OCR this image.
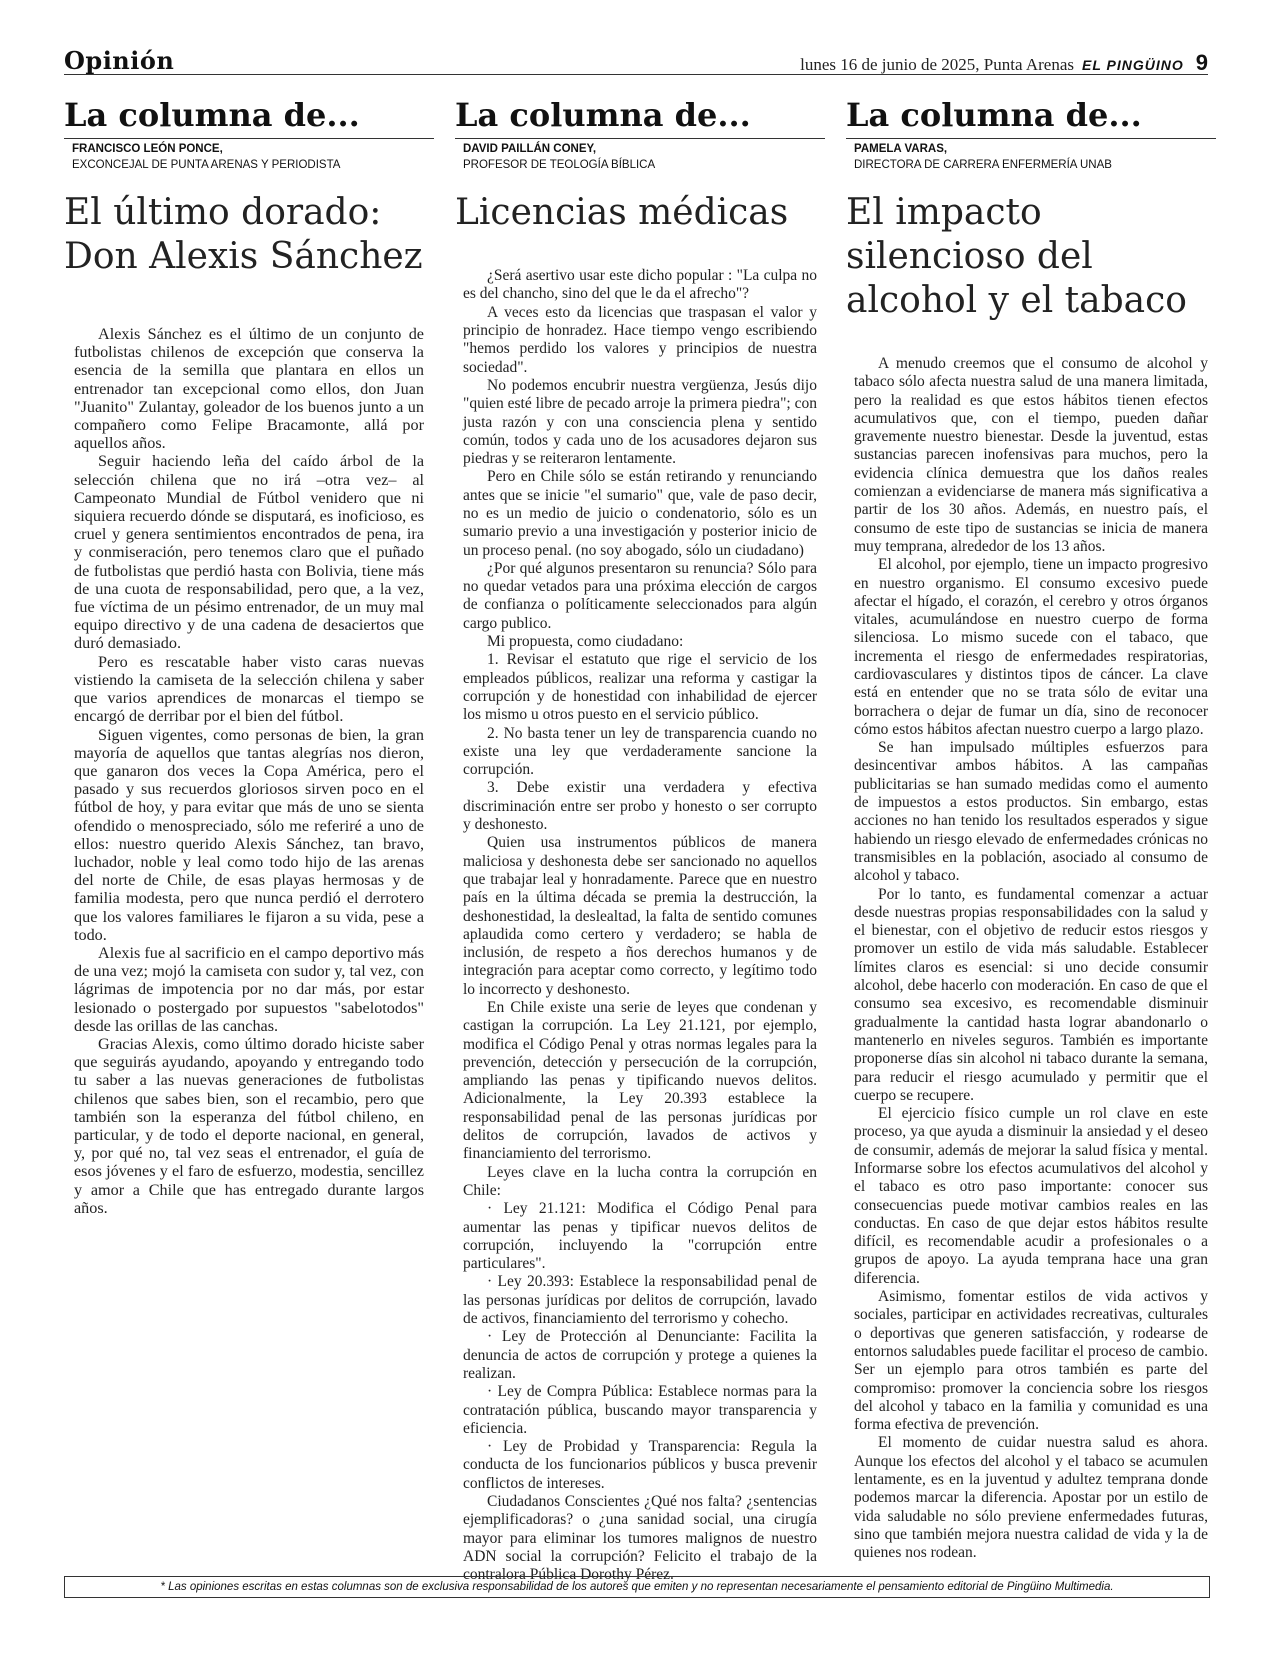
Opinión	lunes 16 de junio de 2025, Punta Arenas EL PINGÜINO 9
La columna de...
FRANCISCO LEÓN PONCE,
EXCONCEJAL DE PUNTA ARENAS Y PERIODISTA
El último dorado: Don Alexis Sánchez

Alexis Sánchez es el último de un conjunto de futbolistas chilenos de excepción que conserva la esencia de la semilla que plantara en ellos un entrenador tan excepcional como ellos, don Juan "Juanito" Zulantay, goleador de los buenos junto a un compañero como Felipe Bracamonte, allá por aquellos años.

Seguir haciendo leña del caído árbol de la selección chilena que no irá –otra vez– al Campeonato Mundial de Fútbol venidero que ni siquiera recuerdo dónde se disputará, es inoficioso, es cruel y genera sentimientos encontrados de pena, ira y conmiseración, pero tenemos claro que el puñado de futbolistas que perdió hasta con Bolivia, tiene más de una cuota de responsabilidad, pero que, a la vez, fue víctima de un pésimo entrenador, de un muy mal equipo directivo y de una cadena de desaciertos que duró demasiado.

Pero es rescatable haber visto caras nuevas vistiendo la camiseta de la selección chilena y saber que varios aprendices de monarcas el tiempo se encargó de derribar por el bien del fútbol.

Siguen vigentes, como personas de bien, la gran mayoría de aquellos que tantas alegrías nos dieron, que ganaron dos veces la Copa América, pero el pasado y sus recuerdos gloriosos sirven poco en el fútbol de hoy, y para evitar que más de uno se sienta ofendido o menospreciado, sólo me referiré a uno de ellos: nuestro querido Alexis Sánchez, tan bravo, luchador, noble y leal como todo hijo de las arenas del norte de Chile, de esas playas hermosas y de familia modesta, pero que nunca perdió el derrotero que los valores familiares le fijaron a su vida, pese a todo.

Alexis fue al sacrificio en el campo deportivo más de una vez; mojó la camiseta con sudor y, tal vez, con lágrimas de impotencia por no dar más, por estar lesionado o postergado por supuestos "sabelotodos" desde las orillas de las canchas.

Gracias Alexis, como último dorado hiciste saber que seguirás ayudando, apoyando y entregando todo tu saber a las nuevas generaciones de futbolistas chilenos que sabes bien, son el recambio, pero que también son la esperanza del fútbol chileno, en particular, y de todo el deporte nacional, en general, y, por qué no, tal vez seas el entrenador, el guía de esos jóvenes y el faro de esfuerzo, modestia, sencillez y amor a Chile que has entregado durante largos años.

La columna de...
DAVID PAILLÁN CONEY,
PROFESOR DE TEOLOGÍA BÍBLICA
Licencias médicas

¿Será asertivo usar este dicho popular : "La culpa no es del chancho, sino del que le da el afrecho"?

A veces esto da licencias que traspasan el valor y principio de honradez. Hace tiempo vengo escribiendo "hemos perdido los valores y principios de nuestra sociedad".

No podemos encubrir nuestra vergüenza, Jesús dijo "quien esté libre de pecado arroje la primera piedra"; con justa razón y con una consciencia plena y sentido común, todos y cada uno de los acusadores dejaron sus piedras y se reiteraron lentamente.

Pero en Chile sólo se están retirando y renunciando antes que se inicie "el sumario" que, vale de paso decir, no es un medio de juicio o condenatorio, sólo es un sumario previo a una investigación y posterior inicio de un proceso penal. (no soy abogado, sólo un ciudadano)

¿Por qué algunos presentaron su renuncia? Sólo para no quedar vetados para una próxima elección de cargos de confianza o políticamente seleccionados para algún cargo publico.

Mi propuesta, como ciudadano:

1. Revisar el estatuto que rige el servicio de los empleados públicos, realizar una reforma y castigar la corrupción y de honestidad con inhabilidad de ejercer los mismo u otros puesto en el servicio público.

2. No basta tener un ley de transparencia cuando no existe una ley que verdaderamente sancione la corrupción.

3. Debe existir una verdadera y efectiva discriminación entre ser probo y honesto o ser corrupto y deshonesto.

Quien usa instrumentos públicos de manera maliciosa y deshonesta debe ser sancionado no aquellos que trabajar leal y honradamente. Parece que en nuestro país en la última década se premia la destrucción, la deshonestidad, la deslealtad, la falta de sentido comunes aplaudida como certero y verdadero; se habla de inclusión, de respeto a ños derechos humanos y de integración para aceptar como correcto, y legítimo todo lo incorrecto y deshonesto.

En Chile existe una serie de leyes que condenan y castigan la corrupción. La Ley 21.121, por ejemplo, modifica el Código Penal y otras normas legales para la prevención, detección y persecución de la corrupción, ampliando las penas y tipificando nuevos delitos. Adicionalmente, la Ley 20.393 establece la responsabilidad penal de las personas jurídicas por delitos de corrupción, lavados de activos y financiamiento del terrorismo.

Leyes clave en la lucha contra la corrupción en Chile:

· Ley 21.121: Modifica el Código Penal para aumentar las penas y tipificar nuevos delitos de corrupción, incluyendo la "corrupción entre particulares".

· Ley 20.393: Establece la responsabilidad penal de las personas jurídicas por delitos de corrupción, lavado de activos, financiamiento del terrorismo y cohecho.

· Ley de Protección al Denunciante: Facilita la denuncia de actos de corrupción y protege a quienes la realizan.

· Ley de Compra Pública: Establece normas para la contratación pública, buscando mayor transparencia y eficiencia.

· Ley de Probidad y Transparencia: Regula la conducta de los funcionarios públicos y busca prevenir conflictos de intereses.

Ciudadanos Conscientes ¿Qué nos falta? ¿sentencias ejemplificadoras? o ¿una sanidad social, una cirugía mayor para eliminar los tumores malignos de nuestro ADN social la corrupción? Felicito el trabajo de la contralora Pública Dorothy Pérez.

La columna de...
PAMELA VARAS,
DIRECTORA DE CARRERA ENFERMERÍA UNAB
El impacto silencioso del alcohol y el tabaco

A menudo creemos que el consumo de alcohol y tabaco sólo afecta nuestra salud de una manera limitada, pero la realidad es que estos hábitos tienen efectos acumulativos que, con el tiempo, pueden dañar gravemente nuestro bienestar. Desde la juventud, estas sustancias parecen inofensivas para muchos, pero la evidencia clínica demuestra que los daños reales comienzan a evidenciarse de manera más significativa a partir de los 30 años. Además, en nuestro país, el consumo de este tipo de sustancias se inicia de manera muy temprana, alrededor de los 13 años.

El alcohol, por ejemplo, tiene un impacto progresivo en nuestro organismo. El consumo excesivo puede afectar el hígado, el corazón, el cerebro y otros órganos vitales, acumulándose en nuestro cuerpo de forma silenciosa. Lo mismo sucede con el tabaco, que incrementa el riesgo de enfermedades respiratorias, cardiovasculares y distintos tipos de cáncer. La clave está en entender que no se trata sólo de evitar una borrachera o dejar de fumar un día, sino de reconocer cómo estos hábitos afectan nuestro cuerpo a largo plazo.

Se han impulsado múltiples esfuerzos para desincentivar ambos hábitos. A las campañas publicitarias se han sumado medidas como el aumento de impuestos a estos productos. Sin embargo, estas acciones no han tenido los resultados esperados y sigue habiendo un riesgo elevado de enfermedades crónicas no transmisibles en la población, asociado al consumo de alcohol y tabaco.

Por lo tanto, es fundamental comenzar a actuar desde nuestras propias responsabilidades con la salud y el bienestar, con el objetivo de reducir estos riesgos y promover un estilo de vida más saludable. Establecer límites claros es esencial: si uno decide consumir alcohol, debe hacerlo con moderación. En caso de que el consumo sea excesivo, es recomendable disminuir gradualmente la cantidad hasta lograr abandonarlo o mantenerlo en niveles seguros. También es importante proponerse días sin alcohol ni tabaco durante la semana, para reducir el riesgo acumulado y permitir que el cuerpo se recupere.

El ejercicio físico cumple un rol clave en este proceso, ya que ayuda a disminuir la ansiedad y el deseo de consumir, además de mejorar la salud física y mental. Informarse sobre los efectos acumulativos del alcohol y el tabaco es otro paso importante: conocer sus consecuencias puede motivar cambios reales en las conductas. En caso de que dejar estos hábitos resulte difícil, es recomendable acudir a profesionales o a grupos de apoyo. La ayuda temprana hace una gran diferencia.

Asimismo, fomentar estilos de vida activos y sociales, participar en actividades recreativas, culturales o deportivas que generen satisfacción, y rodearse de entornos saludables puede facilitar el proceso de cambio. Ser un ejemplo para otros también es parte del compromiso: promover la conciencia sobre los riesgos del alcohol y tabaco en la familia y comunidad es una forma efectiva de prevención.

El momento de cuidar nuestra salud es ahora. Aunque los efectos del alcohol y el tabaco se acumulen lentamente, es en la juventud y adultez temprana donde podemos marcar la diferencia. Apostar por un estilo de vida saludable no sólo previene enfermedades futuras, sino que también mejora nuestra calidad de vida y la de quienes nos rodean.

* Las opiniones escritas en estas columnas son de exclusiva responsabilidad de los autores que emiten y no representan necesariamente el pensamiento editorial de Pingüino Multimedia.
